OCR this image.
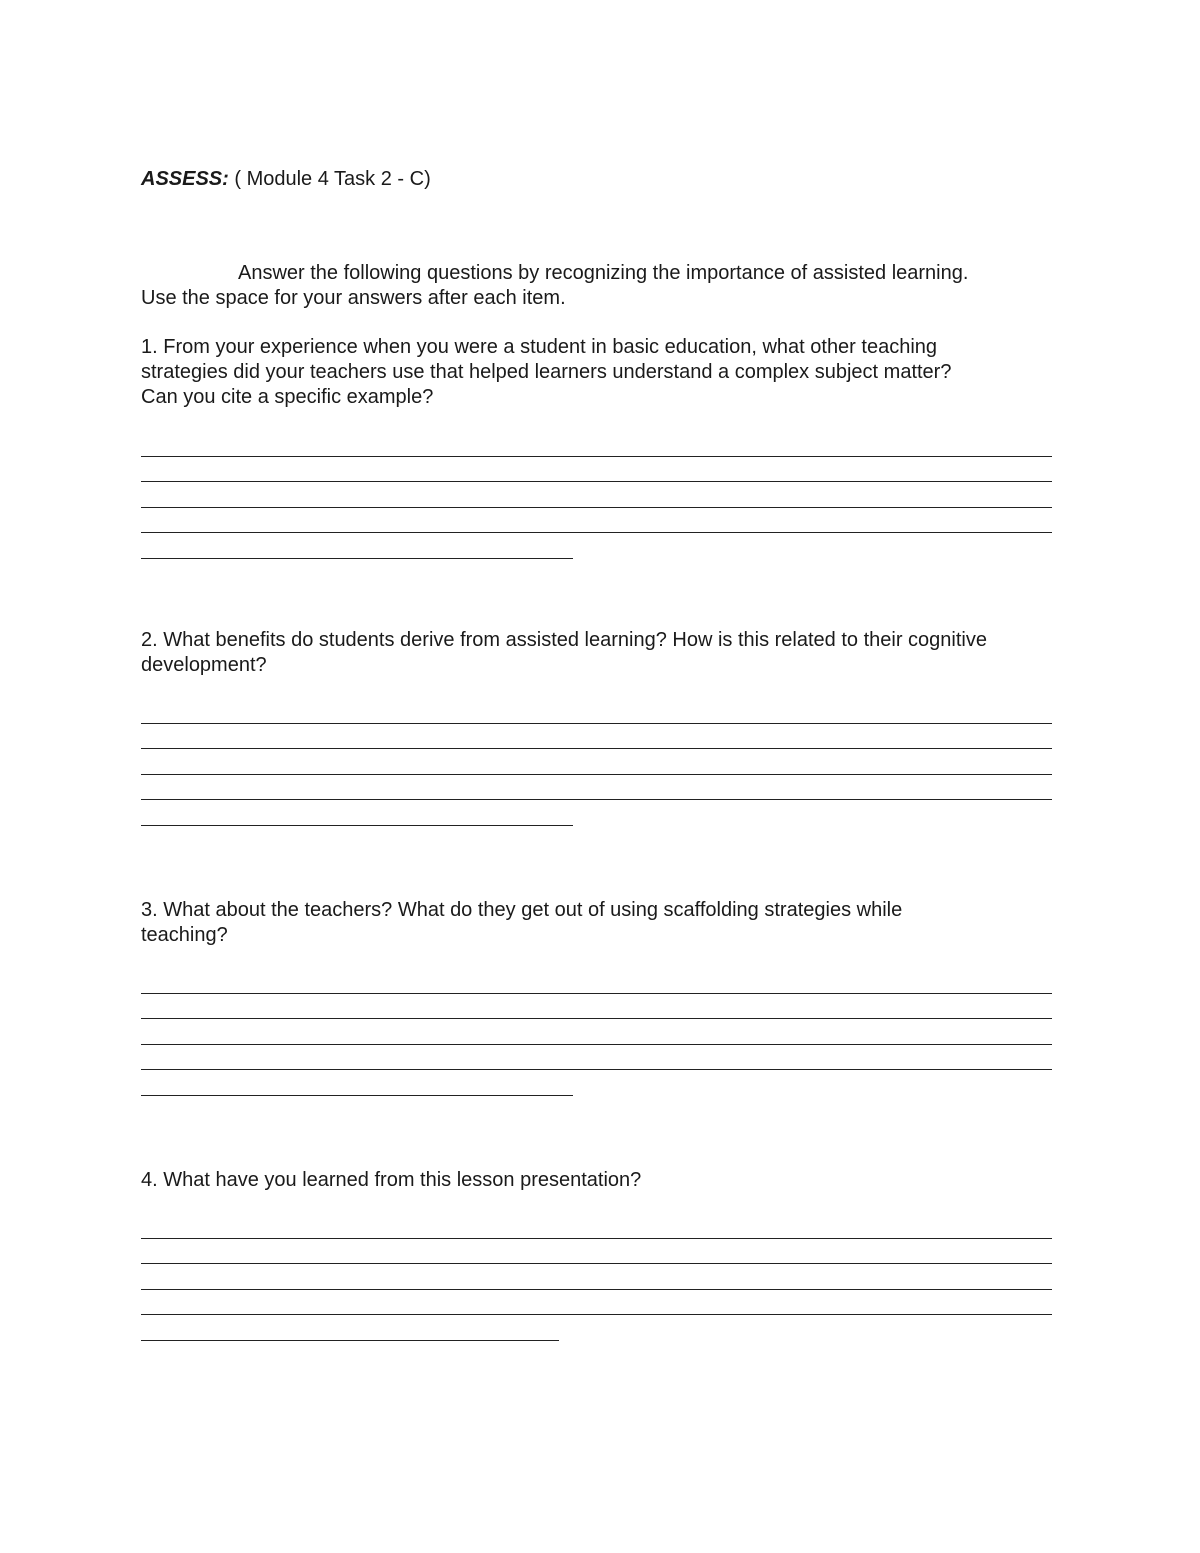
ASSESS: ( Module 4 Task 2 - C)
Answer the following questions by recognizing the importance of assisted learning.
Use the space for your answers after each item.
1. From your experience when you were a student in basic education, what other teaching
strategies did your teachers use that helped learners understand a complex subject matter?
Can you cite a specific example?
2. What benefits do students derive from assisted learning? How is this related to their cognitive
development?
3. What about the teachers? What do they get out of using scaffolding strategies while
teaching?
4. What have you learned from this lesson presentation?
